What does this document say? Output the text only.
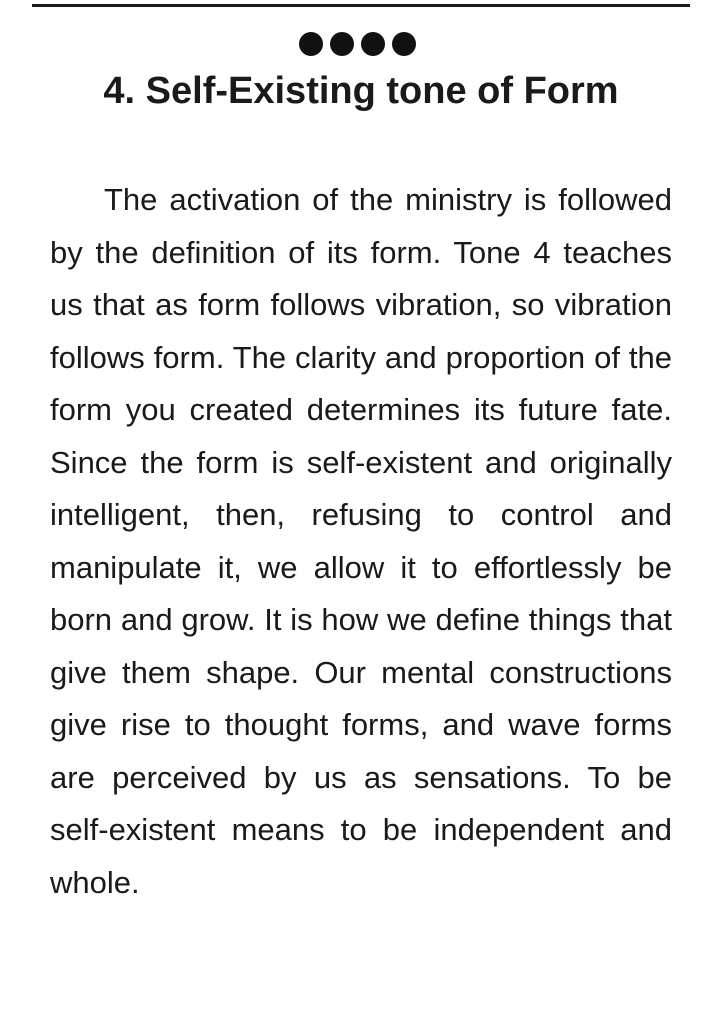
4. Self-Existing tone of Form

The activation of the ministry is followed by the definition of its form. Tone 4 teaches us that as form follows vibration, so vibration follows form. The clarity and proportion of the form you created determines its future fate. Since the form is self-existent and originally intelligent, then, refusing to control and manipulate it, we allow it to effortlessly be born and grow. It is how we define things that give them shape. Our mental constructions give rise to thought forms, and wave forms are perceived by us as sensations. To be self-existent means to be independent and whole.
